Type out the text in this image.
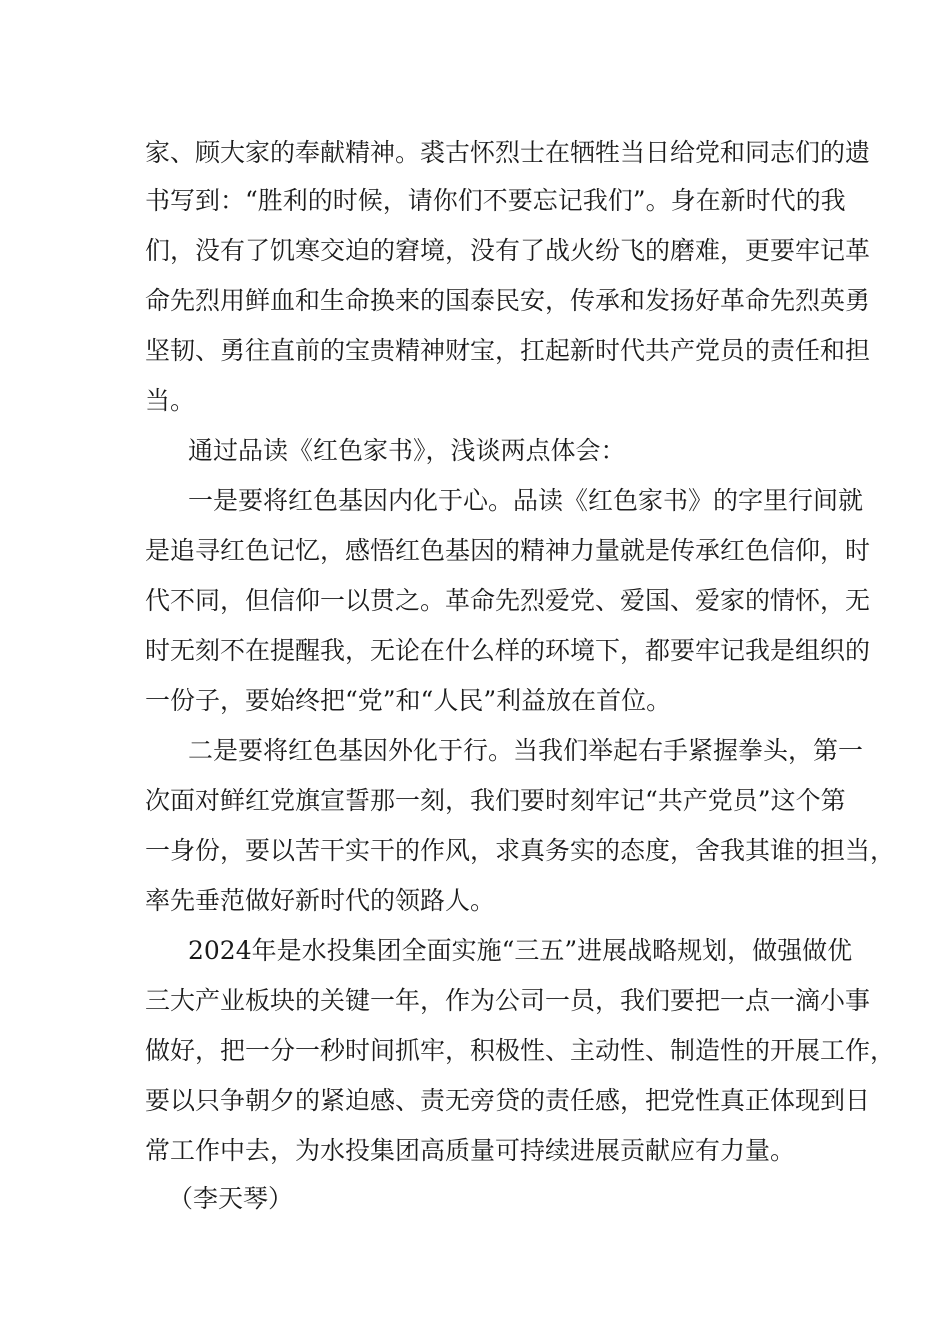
家、顾大家的奉献精神。裘古怀烈士在牺牲当日给党和同志们的遗
书写到：“胜利的时候，请你们不要忘记我们”。身在新时代的我
们，没有了饥寒交迫的窘境，没有了战火纷飞的磨难，更要牢记革
命先烈用鲜血和生命换来的国泰民安，传承和发扬好革命先烈英勇
坚韧、勇往直前的宝贵精神财宝，扛起新时代共产党员的责任和担
当。
通过品读《红色家书》，浅谈两点体会：
一是要将红色基因内化于心。品读《红色家书》的字里行间就
是追寻红色记忆，感悟红色基因的精神力量就是传承红色信仰，时
代不同，但信仰一以贯之。革命先烈爱党、爱国、爱家的情怀，无
时无刻不在提醒我，无论在什么样的环境下，都要牢记我是组织的
一份子，要始终把“党”和“人民”利益放在首位。
二是要将红色基因外化于行。当我们举起右手紧握拳头，第一
次面对鲜红党旗宣誓那一刻，我们要时刻牢记“共产党员”这个第
一身份，要以苦干实干的作风，求真务实的态度，舍我其谁的担当，
率先垂范做好新时代的领路人。
2024年是水投集团全面实施“三五”进展战略规划，做强做优
三大产业板块的关键一年，作为公司一员，我们要把一点一滴小事
做好，把一分一秒时间抓牢，积极性、主动性、制造性的开展工作，
要以只争朝夕的紧迫感、责无旁贷的责任感，把党性真正体现到日
常工作中去，为水投集团高质量可持续进展贡献应有力量。
（李天琴）
